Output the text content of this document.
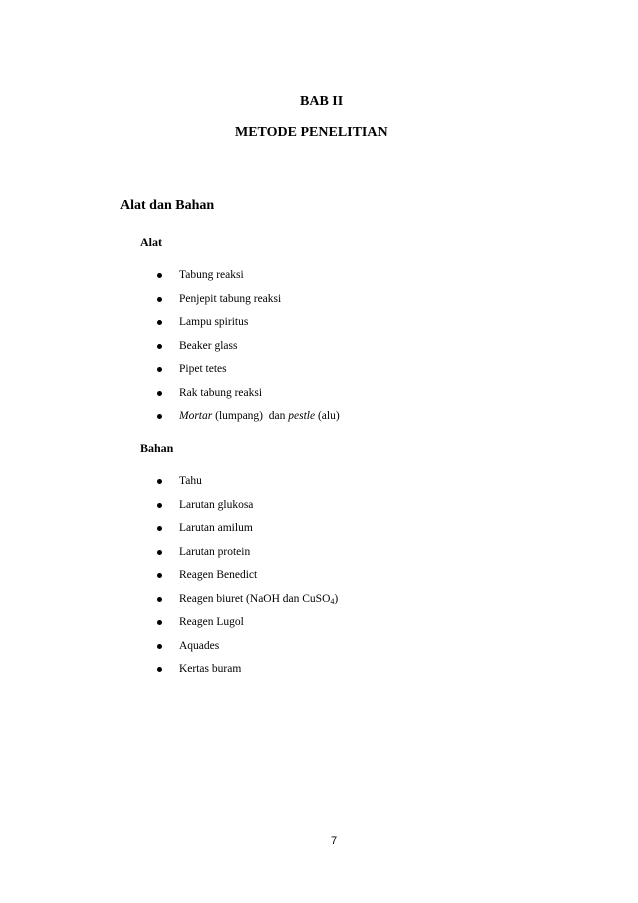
BAB II
METODE PENELITIAN
Alat dan Bahan
Alat
Tabung reaksi
Penjepit tabung reaksi
Lampu spiritus
Beaker glass
Pipet tetes
Rak tabung reaksi
Mortar (lumpang)  dan pestle (alu)
Bahan
Tahu
Larutan glukosa
Larutan amilum
Larutan protein
Reagen Benedict
Reagen biuret (NaOH dan CuSO$_4$)
Reagen Lugol
Aquades
Kertas buram
7
